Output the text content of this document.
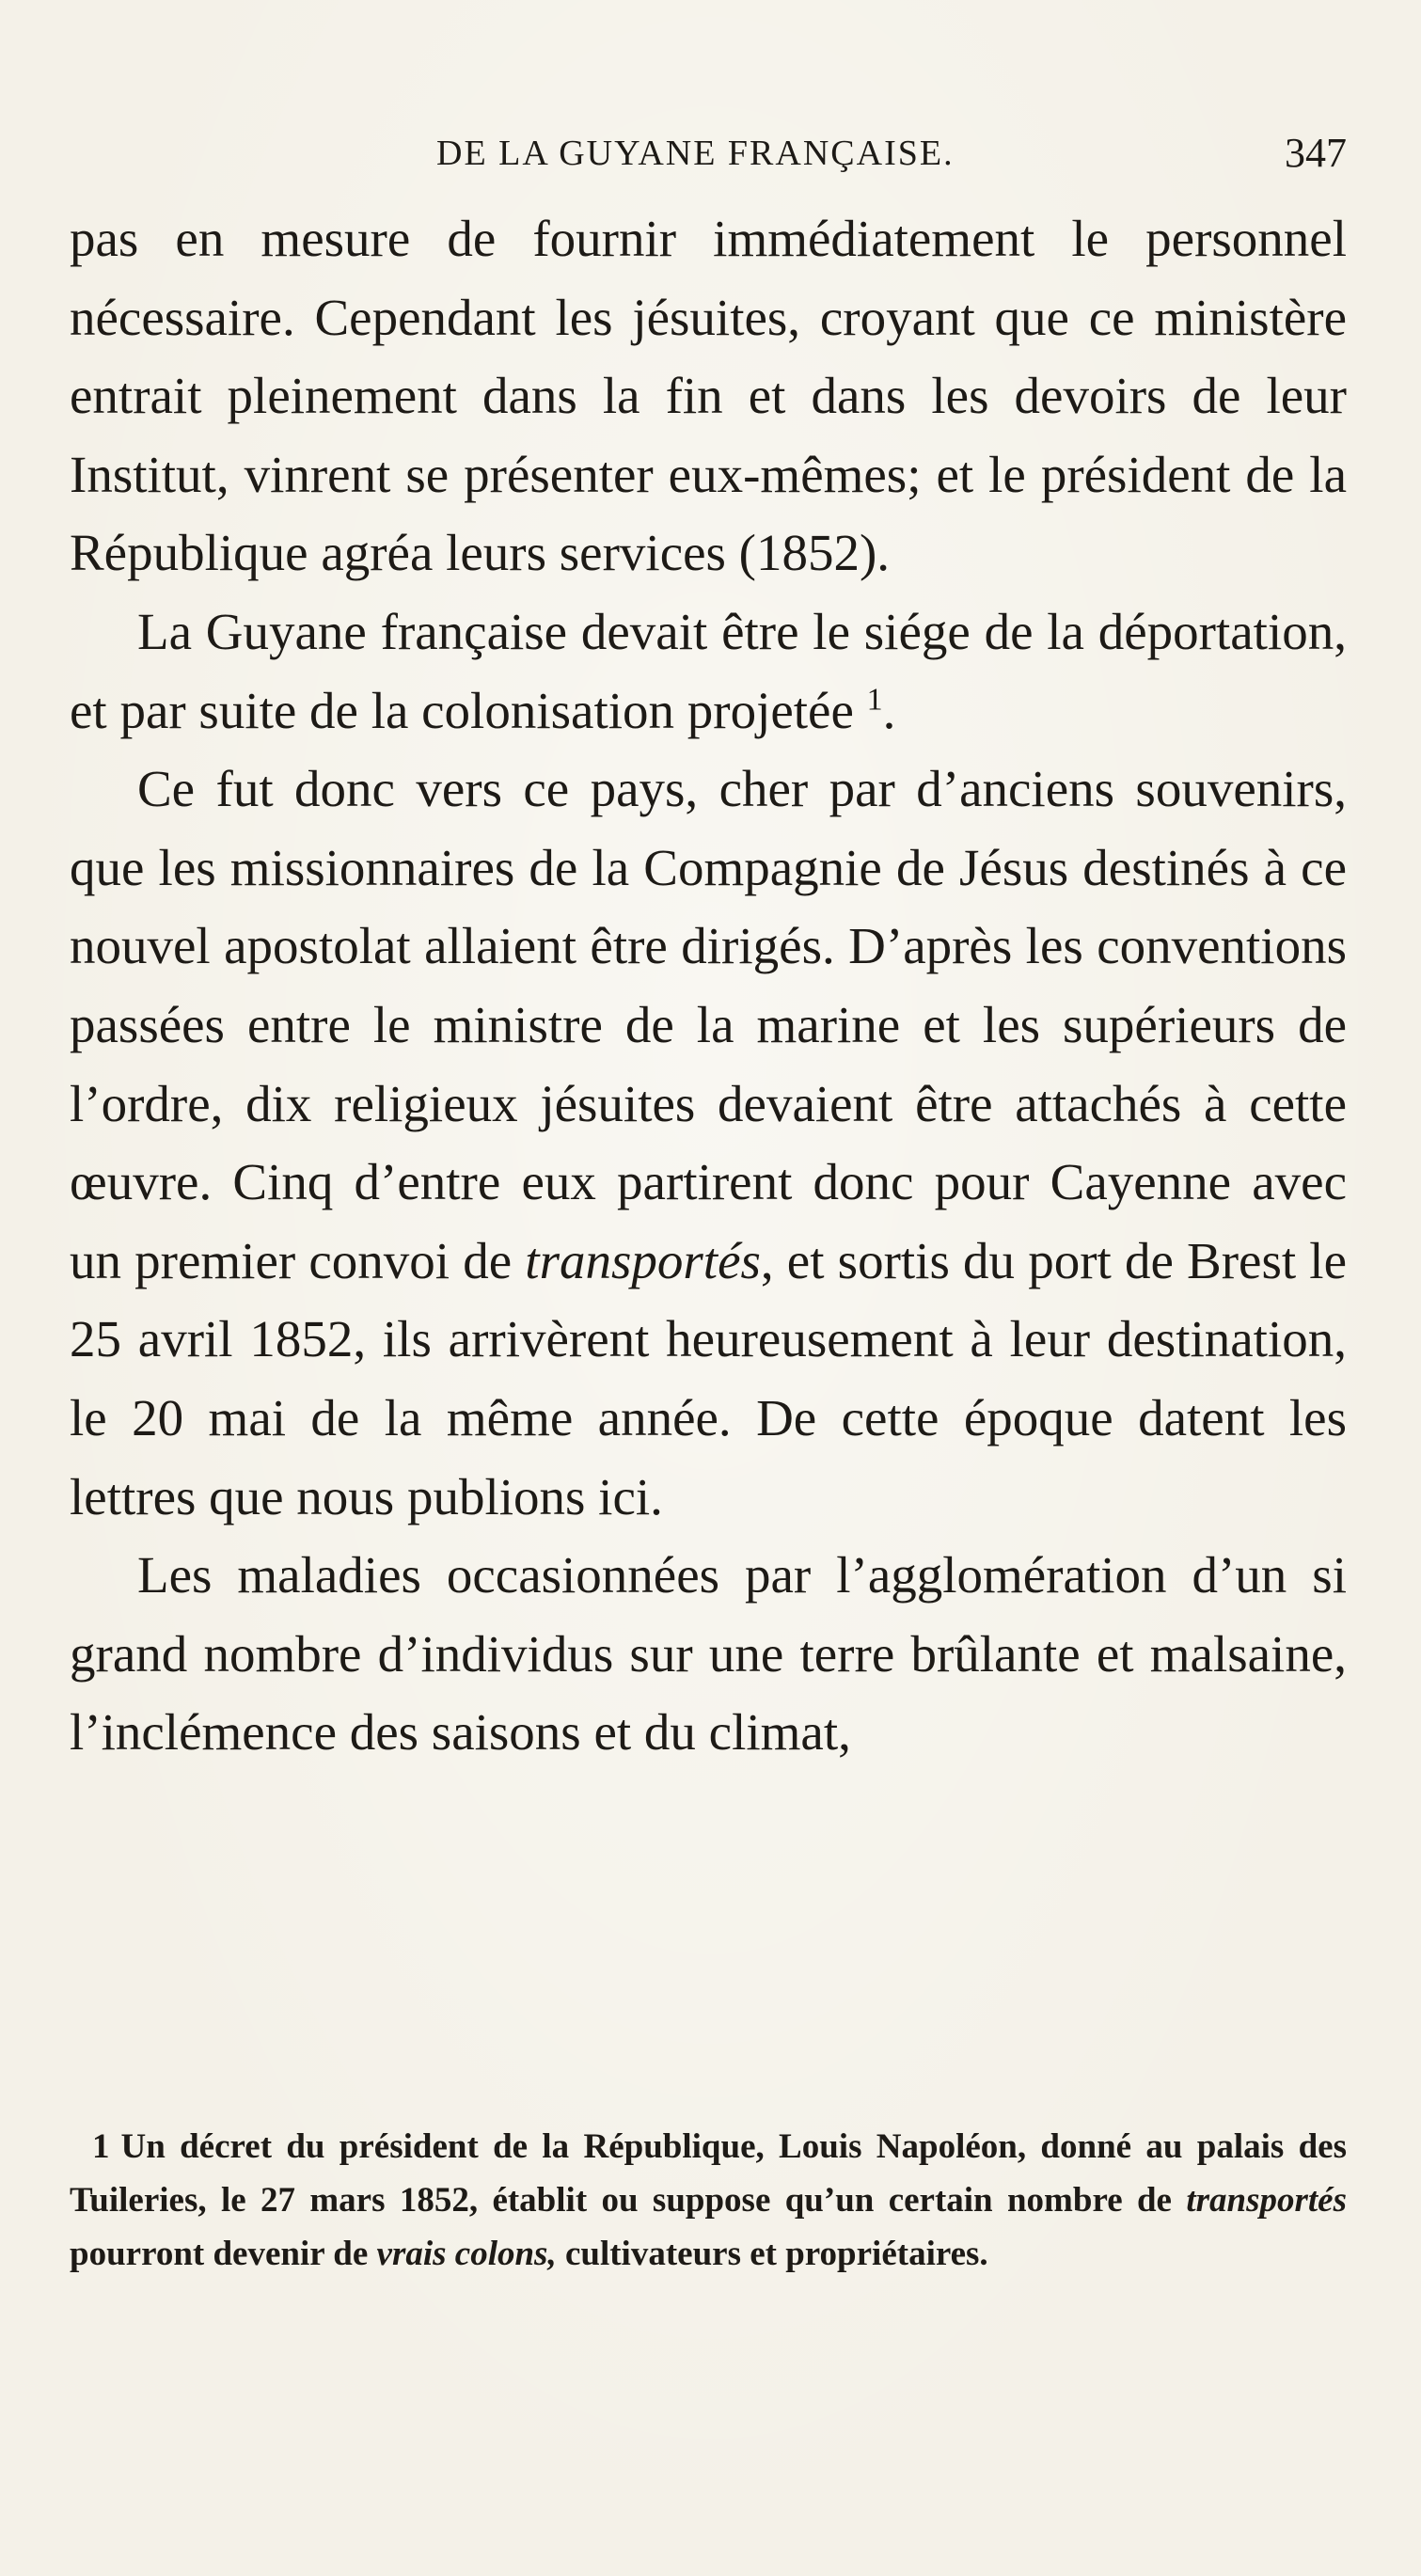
DE LA GUYANE FRANÇAISE.	347

pas en mesure de fournir immédiatement le personnel nécessaire. Cependant les jésuites, croyant que ce ministère entrait pleinement dans la fin et dans les devoirs de leur Institut, vinrent se présenter eux-mêmes; et le président de la République agréa leurs services (1852).

La Guyane française devait être le siége de la déportation, et par suite de la colonisation projetée $^1$.

Ce fut donc vers ce pays, cher par d’anciens souvenirs, que les missionnaires de la Compagnie de Jésus destinés à ce nouvel apostolat allaient être dirigés. D’après les conventions passées entre le ministre de la marine et les supérieurs de l’ordre, dix religieux jésuites devaient être attachés à cette œuvre. Cinq d’entre eux partirent donc pour Cayenne avec un premier convoi de transportés, et sortis du port de Brest le 25 avril 1852, ils arrivèrent heureusement à leur destination, le 20 mai de la même année. De cette époque datent les lettres que nous publions ici.

Les maladies occasionnées par l’agglomération d’un si grand nombre d’individus sur une terre brûlante et malsaine, l’inclémence des saisons et du climat,

1 Un décret du président de la République, Louis Napoléon, donné au palais des Tuileries, le 27 mars 1852, établit ou suppose qu’un certain nombre de transportés pourront devenir de vrais colons, cultivateurs et propriétaires.
